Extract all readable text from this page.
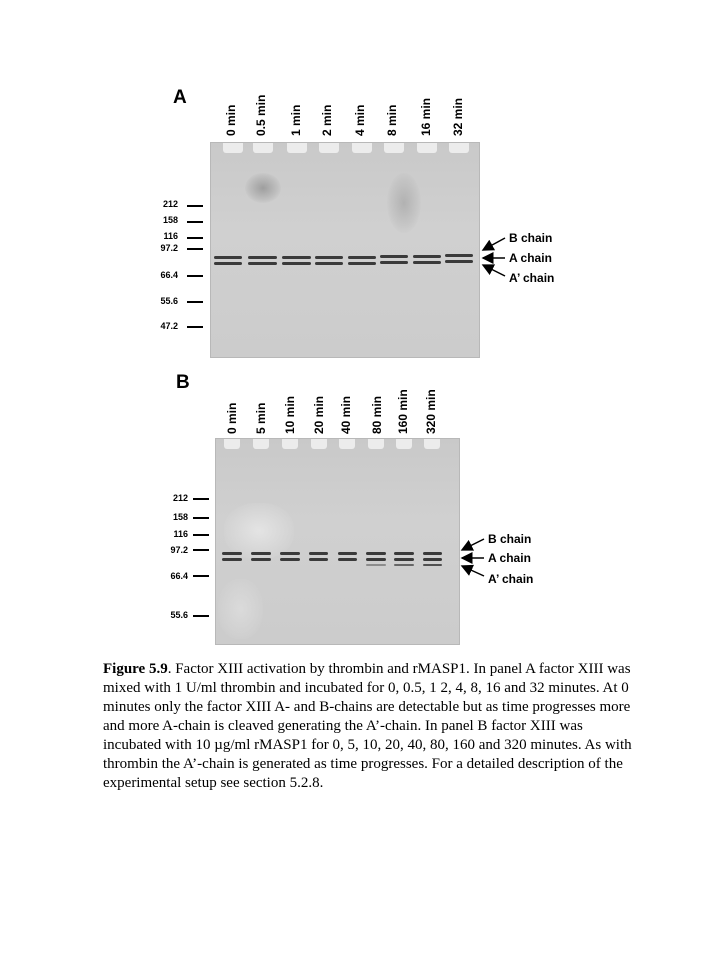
A
0 min 0.5 min 1 min 2 min 4 min 8 min 16 min 32 min
212
158
116
97.2
66.4
55.6
47.2
B chain
A chain
A’ chain
B
0 min 5 min 10 min 20 min 40 min 80 min 160 min 320 min
212
158
116
97.2
66.4
55.6
B chain
A chain
A’ chain
Figure 5.9. Factor XIII activation by thrombin and rMASP1. In panel A factor XIII was mixed with 1 U/ml thrombin and incubated for 0, 0.5, 1 2, 4, 8, 16 and 32 minutes. At 0 minutes only the factor XIII A- and B-chains are detectable but as time progresses more and more A-chain is cleaved generating the A’-chain. In panel B factor XIII was incubated with 10 µg/ml rMASP1 for 0, 5, 10, 20, 40, 80, 160 and 320 minutes. As with thrombin the A’-chain is generated as time progresses. For a detailed description of the experimental setup see section 5.2.8.
